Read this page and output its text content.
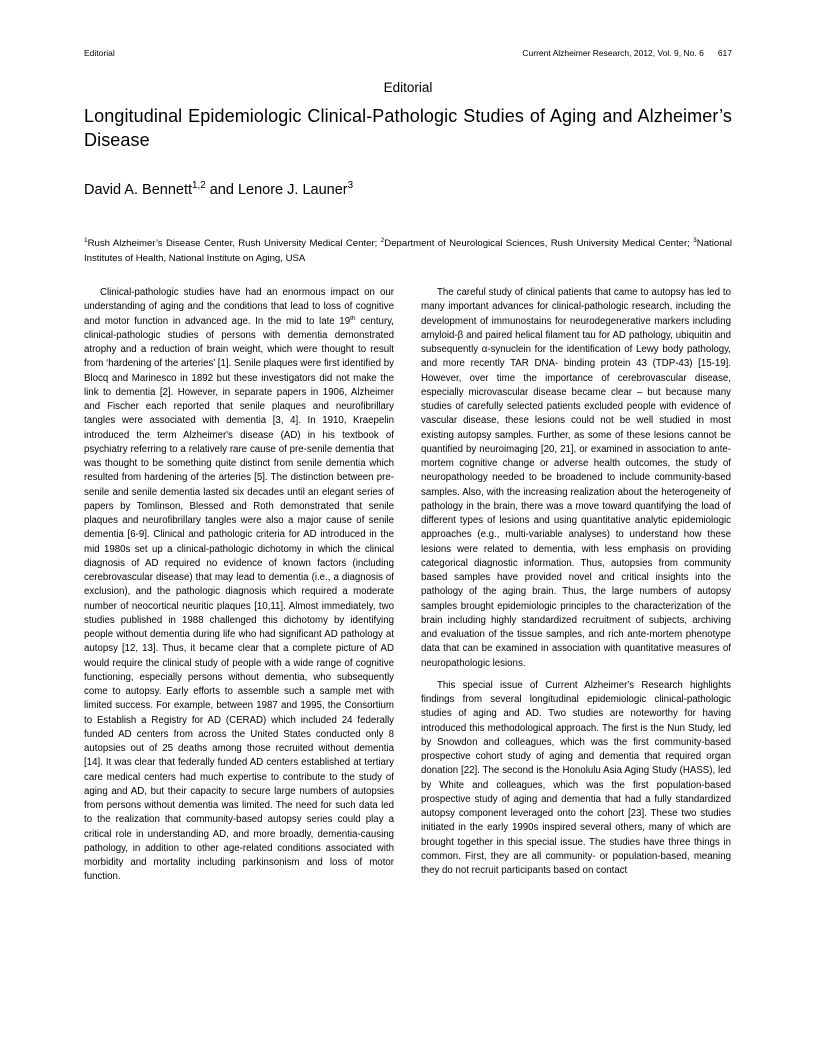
Editorial	Current Alzheimer Research, 2012, Vol. 9, No. 6 617
Editorial
Longitudinal Epidemiologic Clinical-Pathologic Studies of Aging and Alzheimer’s Disease
David A. Bennett$^{1,2}$ and Lenore J. Launer$^3$
$^1$Rush Alzheimer’s Disease Center, Rush University Medical Center; $^2$Department of Neurological Sciences, Rush University Medical Center; $^3$National Institutes of Health, National Institute on Aging, USA

Clinical-pathologic studies have had an enormous impact on our understanding of aging and the conditions that lead to loss of cognitive and motor function in advanced age. In the mid to late 19th century, clinical-pathologic studies of persons with dementia demonstrated atrophy and a reduction of brain weight, which were thought to result from ‘hardening of the arteries’ [1]. Senile plaques were first identified by Blocq and Marinesco in 1892 but these investigators did not make the link to dementia [2]. However, in separate papers in 1906, Alzheimer and Fischer each reported that senile plaques and neurofibrillary tangles were associated with dementia [3, 4]. In 1910, Kraepelin introduced the term Alzheimer's disease (AD) in his textbook of psychiatry referring to a relatively rare cause of pre-senile dementia that was thought to be something quite distinct from senile dementia which resulted from hardening of the arteries [5]. The distinction between pre-senile and senile dementia lasted six decades until an elegant series of papers by Tomlinson, Blessed and Roth demonstrated that senile plaques and neurofibrillary tangles were also a major cause of senile dementia [6-9]. Clinical and pathologic criteria for AD introduced in the mid 1980s set up a clinical-pathologic dichotomy in which the clinical diagnosis of AD required no evidence of known factors (including cerebrovascular disease) that may lead to dementia (i.e., a diagnosis of exclusion), and the pathologic diagnosis which required a moderate number of neocortical neuritic plaques [10,11]. Almost immediately, two studies published in 1988 challenged this dichotomy by identifying people without dementia during life who had significant AD pathology at autopsy [12, 13]. Thus, it became clear that a complete picture of AD would require the clinical study of people with a wide range of cognitive functioning, especially persons without dementia, who subsequently come to autopsy. Early efforts to assemble such a sample met with limited success. For example, between 1987 and 1995, the Consortium to Establish a Registry for AD (CERAD) which included 24 federally funded AD centers from across the United States conducted only 8 autopsies out of 25 deaths among those recruited without dementia [14]. It was clear that federally funded AD centers established at tertiary care medical centers had much expertise to contribute to the study of aging and AD, but their capacity to secure large numbers of autopsies from persons without dementia was limited. The need for such data led to the realization that community-based autopsy series could play a critical role in understanding AD, and more broadly, dementia-causing pathology, in addition to other age-related conditions associated with morbidity and mortality including parkinsonism and loss of motor function.

The careful study of clinical patients that came to autopsy has led to many important advances for clinical-pathologic research, including the development of immunostains for neurodegenerative markers including amyloid-β and paired helical filament tau for AD pathology, ubiquitin and subsequently α-synuclein for the identification of Lewy body pathology, and more recently TAR DNA- binding protein 43 (TDP-43) [15-19]. However, over time the importance of cerebrovascular disease, especially microvascular disease became clear – but because many studies of carefully selected patients excluded people with evidence of vascular disease, these lesions could not be well studied in most existing autopsy samples. Further, as some of these lesions cannot be quantified by neuroimaging [20, 21], or examined in association to ante-mortem cognitive change or adverse health outcomes, the study of neuropathology needed to be broadened to include community-based samples. Also, with the increasing realization about the heterogeneity of pathology in the brain, there was a move toward quantifying the load of different types of lesions and using quantitative analytic epidemiologic approaches (e.g., multi-variable analyses) to understand how these lesions were related to dementia, with less emphasis on providing categorical diagnostic information. Thus, autopsies from community based samples have provided novel and critical insights into the pathology of the aging brain. Thus, the large numbers of autopsy samples brought epidemiologic principles to the characterization of the brain including highly standardized recruitment of subjects, archiving and evaluation of the tissue samples, and rich ante-mortem phenotype data that can be examined in association with quantitative measures of neuropathologic lesions.

This special issue of Current Alzheimer's Research highlights findings from several longitudinal epidemiologic clinical-pathologic studies of aging and AD. Two studies are noteworthy for having introduced this methodological approach. The first is the Nun Study, led by Snowdon and colleagues, which was the first community-based prospective cohort study of aging and dementia that required organ donation [22]. The second is the Honolulu Asia Aging Study (HASS), led by White and colleagues, which was the first population-based prospective study of aging and dementia that had a fully standardized autopsy component leveraged onto the cohort [23]. These two studies initiated in the early 1990s inspired several others, many of which are brought together in this special issue. The studies have three things in common. First, they are all community- or population-based, meaning they do not recruit participants based on contact
